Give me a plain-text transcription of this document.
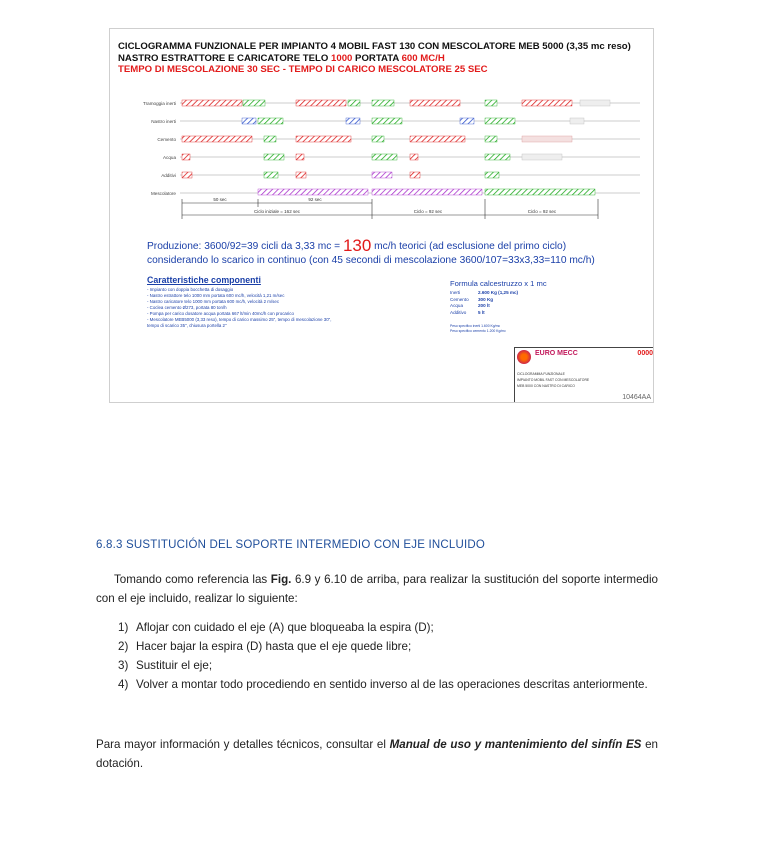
CICLOGRAMMA FUNZIONALE PER IMPIANTO 4 MOBIL FAST 130 CON MESCOLATORE MEB 5000 (3,35 mc reso)
NASTRO ESTRATTORE E CARICATORE TELO 1000 PORTATA 600 MC/H
TEMPO DI MESCOLAZIONE 30 SEC - TEMPO DI CARICO MESCOLATORE 25 SEC
Tramoggia inerti
Nastro inerti
Cemento
Acqua
Additivi
Mescolatore
50 sec	92 sec
Ciclo iniziale = 162 sec	Ciclo = 92 sec	Ciclo = 92 sec
Produzione: 3600/92=39 cicli da 3,33 mc = 130 mc/h teorici (ad esclusione del primo ciclo)
considerando lo scarico in continuo (con 45 secondi di mescolazione 3600/107=33x3,33=110 mc/h)
Caratteristiche componenti
- Impianto con doppia bocchetta di dosaggio
- Nastro estrattore telo 1000 mm portata 600 mc/h, velocità 1,21 m/sec
- Nastro caricatore telo 1000 mm portata 600 mc/h, velocità 2 m/sec
- Coclea cemento Ø273, portata 80 ton/h
- Pompa per carico dosatore acqua portata 667 lt/min 40mc/h con procarico
- Mescolatore MEB5000 (3,33 reso), tempo di carico massimo 25", tempo di mescolazione 30",
tempo di scarico 35", chiusura portella 2"
Formula calcestruzzo x 1 mc
Inerti	2.600 Kg (1,25 mc)
Cemento 300 Kg
Acqua	200 lt
Additivo	5 lt
Peso specifico inerti 1.600 Kg/mc
Peso specifico cemento 1.200 Kg/mc
EURO MECC	0000
CICLOGRAMMA FUNZIONALE
IMPIANTO MOBIL FAST CON MESCOLATORE
MEB 5000 CON NASTRO DI CARICO
10464AA
6.8.3 SUSTITUCIÓN DEL SOPORTE INTERMEDIO CON EJE INCLUIDO
Tomando como referencia las Fig. 6.9 y 6.10 de arriba, para realizar la sustitución del soporte intermedio con el eje incluido, realizar lo siguiente:
1) Aflojar con cuidado el eje (A) que bloqueaba la espira (D);
2) Hacer bajar la espira (D) hasta que el eje quede libre;
3) Sustituir el eje;
4) Volver a montar todo procediendo en sentido inverso al de las operaciones descritas anteriormente.
Para mayor información y detalles técnicos, consultar el Manual de uso y mantenimiento del sinfín ES en dotación.
